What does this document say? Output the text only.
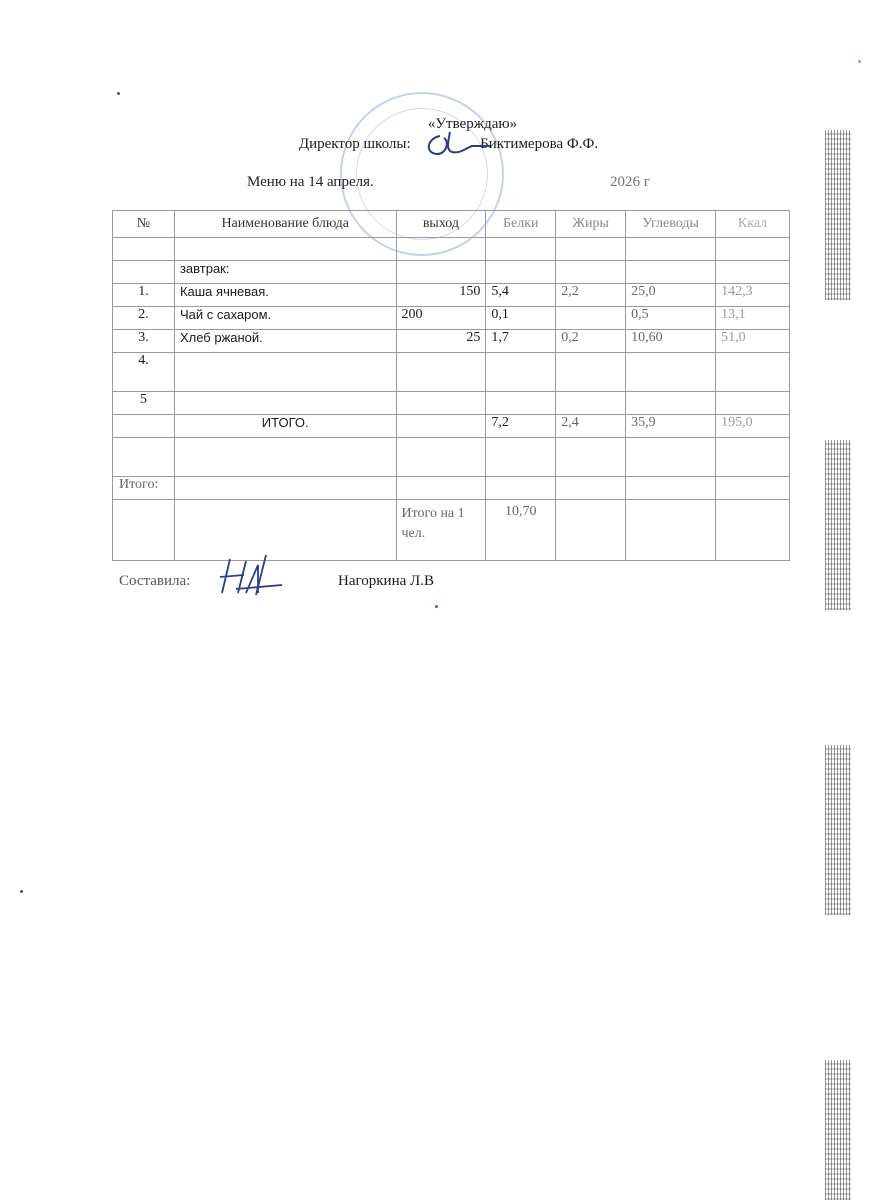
«Утверждаю»
Директор школы:	Биктимерова Ф.Ф.
Меню на 14 апреля.	2026 г
№	Наименование блюда	выход	Белки	Жиры	Углеводы	Ккал

	завтрак:					
1.	Каша ячневая.	150	5,4	2,2	25,0	142,3
2.	Чай с сахаром.	200	0,1		0,5	13,1
3.	Хлеб ржаной.	25	1,7	0,2	10,60	51,0
4.						
5						
	ИТОГО.		7,2	2,4	35,9	195,0

Итого:						
		Итого на 1 чел.	10,70			
Составила:	Нагоркина Л.В
